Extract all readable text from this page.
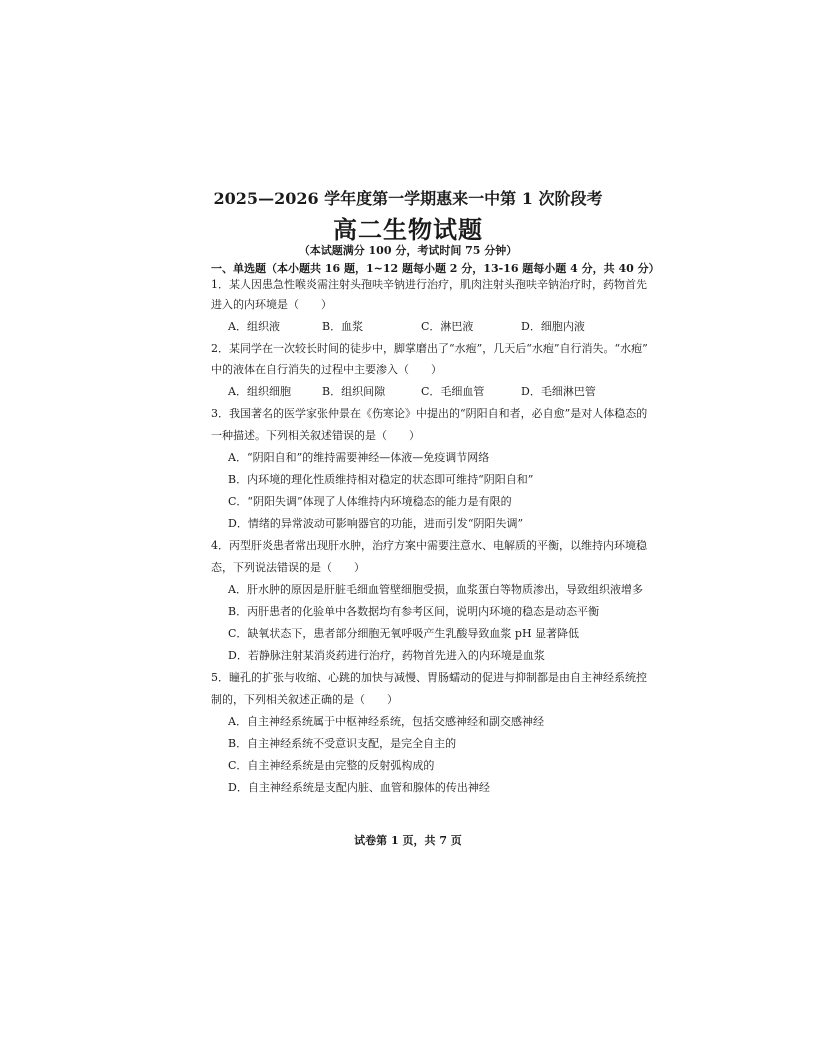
2025—2026 学年度第一学期惠来一中第 1 次阶段考
高二生物试题
（本试题满分 100 分，考试时间 75 分钟）
一、单选题（本小题共 16 题，1~12 题每小题 2 分，13-16 题每小题 4 分，共 40 分）
1．某人因患急性喉炎需注射头孢呋辛钠进行治疗，肌肉注射头孢呋辛钠治疗时，药物首先
进入的内环境是（　　）
A．组织液	B．血浆	C．淋巴液	D．细胞内液
2．某同学在一次较长时间的徒步中，脚掌磨出了“水疱”，几天后“水疱”自行消失。“水疱”
中的液体在自行消失的过程中主要渗入（　　）
A．组织细胞	B．组织间隙	C．毛细血管	D．毛细淋巴管
3．我国著名的医学家张仲景在《伤寒论》中提出的“阴阳自和者，必自愈”是对人体稳态的
一种描述。下列相关叙述错误的是（　　）
A．“阴阳自和”的维持需要神经—体液—免疫调节网络
B．内环境的理化性质维持相对稳定的状态即可维持“阴阳自和”
C．“阴阳失调”体现了人体维持内环境稳态的能力是有限的
D．情绪的异常波动可影响器官的功能，进而引发“阴阳失调”
4．丙型肝炎患者常出现肝水肿，治疗方案中需要注意水、电解质的平衡，以维持内环境稳
态，下列说法错误的是（　　）
A．肝水肿的原因是肝脏毛细血管壁细胞受损，血浆蛋白等物质渗出，导致组织液增多
B．丙肝患者的化验单中各数据均有参考区间，说明内环境的稳态是动态平衡
C．缺氧状态下，患者部分细胞无氧呼吸产生乳酸导致血浆 pH 显著降低
D．若静脉注射某消炎药进行治疗，药物首先进入的内环境是血浆
5．瞳孔的扩张与收缩、心跳的加快与减慢、胃肠蠕动的促进与抑制都是由自主神经系统控
制的，下列相关叙述正确的是（　　）
A．自主神经系统属于中枢神经系统，包括交感神经和副交感神经
B．自主神经系统不受意识支配，是完全自主的
C．自主神经系统是由完整的反射弧构成的
D．自主神经系统是支配内脏、血管和腺体的传出神经
试卷第 1 页，共 7 页
